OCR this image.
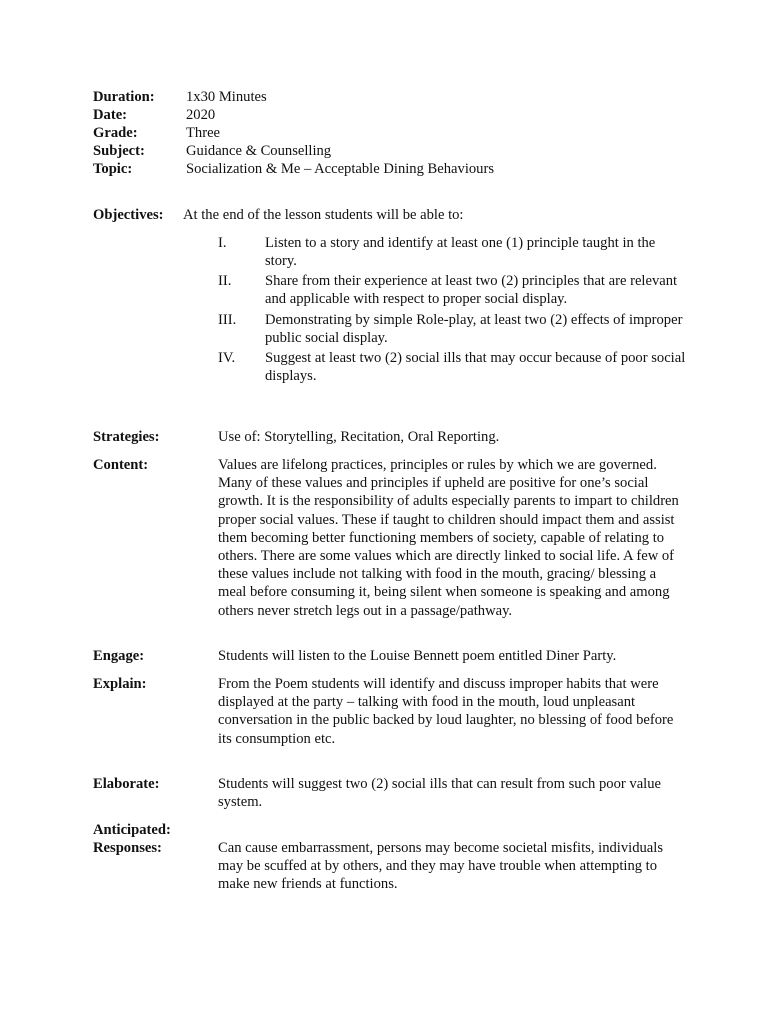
Duration: 1x30 Minutes
Date:	2020
Grade:	Three
Subject:	Guidance & Counselling
Topic:	Socialization & Me – Acceptable Dining Behaviours
Objectives: At the end of the lesson students will be able to:
I.	Listen to a story and identify at least one (1) principle taught in the story.
II. Share from their experience at least two (2) principles that are relevant and applicable with respect to proper social display.
III. Demonstrating by simple Role-play, at least two (2) effects of improper public social display.
IV. Suggest at least two (2) social ills that may occur because of poor social displays.
Strategies:	Use of: Storytelling, Recitation, Oral Reporting.
Content:	Values are lifelong practices, principles or rules by which we are governed. Many of these values and principles if upheld are positive for one’s social growth. It is the responsibility of adults especially parents to impart to children proper social values. These if taught to children should impact them and assist them becoming better functioning members of society, capable of relating to others. There are some values which are directly linked to social life. A few of these values include not talking with food in the mouth, gracing/ blessing a meal before consuming it, being silent when someone is speaking and among others never stretch legs out in a passage/pathway.
Engage:	Students will listen to the Louise Bennett poem entitled Diner Party.
Explain:	From the Poem students will identify and discuss improper habits that were displayed at the party – talking with food in the mouth, loud unpleasant conversation in the public backed by loud laughter, no blessing of food before its consumption etc.
Elaborate:	Students will suggest two (2) social ills that can result from such poor value system.
Anticipated:
Responses:	Can cause embarrassment, persons may become societal misfits, individuals may be scuffed at by others, and they may have trouble when attempting to make new friends at functions.
